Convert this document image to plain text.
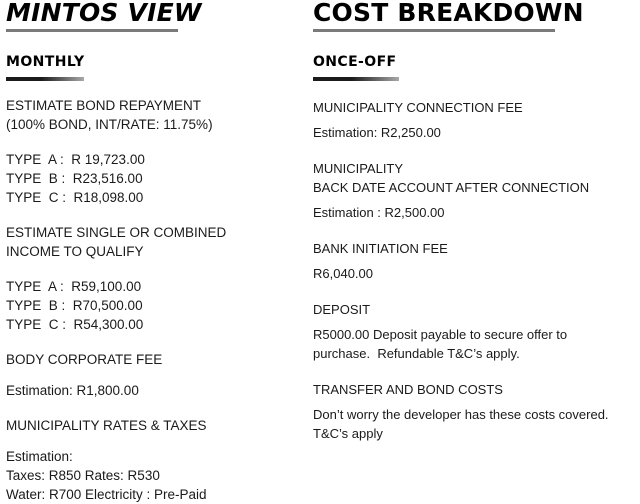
MINTOS VIEW
MONTHLY
ESTIMATE BOND REPAYMENT
(100% BOND, INT/RATE: 11.75%)
TYPE  A :  R 19,723.00
TYPE  B :  R23,516.00
TYPE  C :  R18,098.00
ESTIMATE SINGLE OR COMBINED
INCOME TO QUALIFY
TYPE  A :  R59,100.00
TYPE  B :  R70,500.00
TYPE  C :  R54,300.00
BODY CORPORATE FEE
Estimation: R1,800.00
MUNICIPALITY RATES & TAXES
Estimation:
Taxes: R850 Rates: R530
Water: R700 Electricity : Pre-Paid
COST BREAKDOWN
ONCE-OFF
MUNICIPALITY CONNECTION FEE
Estimation: R2,250.00
MUNICIPALITY
BACK DATE ACCOUNT AFTER CONNECTION
Estimation : R2,500.00
BANK INITIATION FEE
R6,040.00
DEPOSIT
R5000.00 Deposit payable to secure offer to
purchase.  Refundable T&C’s apply.
TRANSFER AND BOND COSTS
Don’t worry the developer has these costs covered.
T&C’s apply
